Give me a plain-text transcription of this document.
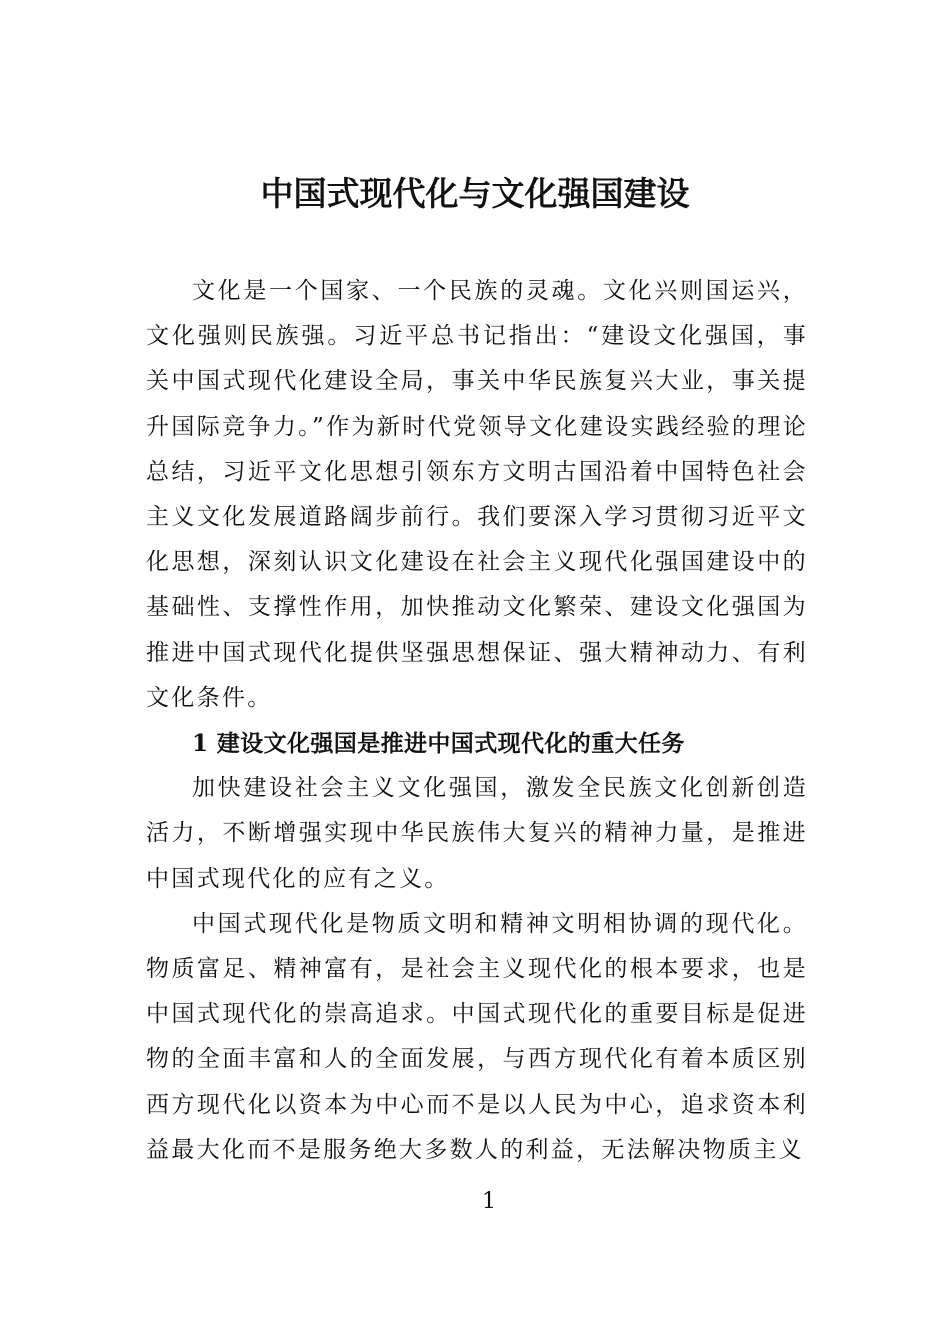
中国式现代化与文化强国建设

文化是一个国家、一个民族的灵魂。文化兴则国运兴，文化强则民族强。习近平总书记指出：“建设文化强国，事关中国式现代化建设全局，事关中华民族复兴大业，事关提升国际竞争力。”作为新时代党领导文化建设实践经验的理论总结，习近平文化思想引领东方文明古国沿着中国特色社会主义文化发展道路阔步前行。我们要深入学习贯彻习近平文化思想，深刻认识文化建设在社会主义现代化强国建设中的基础性、支撑性作用，加快推动文化繁荣、建设文化强国为推进中国式现代化提供坚强思想保证、强大精神动力、有利文化条件。

1 建设文化强国是推进中国式现代化的重大任务

加快建设社会主义文化强国，激发全民族文化创新创造活力，不断增强实现中华民族伟大复兴的精神力量，是推进中国式现代化的应有之义。

中国式现代化是物质文明和精神文明相协调的现代化。物质富足、精神富有，是社会主义现代化的根本要求，也是中国式现代化的崇高追求。中国式现代化的重要目标是促进物的全面丰富和人的全面发展，与西方现代化有着本质区别西方现代化以资本为中心而不是以人民为中心，追求资本利益最大化而不是服务绝大多数人的利益，无法解决物质主义

1
